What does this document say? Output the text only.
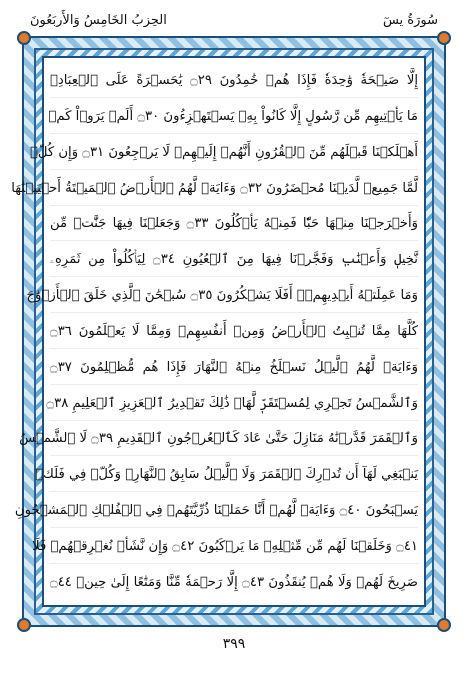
الحِزبُ الخَامِسُ وَالأَربَعُونَ	سُورَةُ يسٓ
إِلَّا صَيۡحَةٗ وَٰحِدَةٗ فَإِذَا هُمۡ خَٰمِدُونَ ۝٢٩ يَٰحَسۡرَةً عَلَى ٱلۡعِبَادِۚ
مَا يَأۡتِيهِم مِّن رَّسُولٍ إِلَّا كَانُواْ بِهِۦ يَسۡتَهۡزِءُونَ ۝٣٠ أَلَمۡ يَرَوۡاْ كَمۡ
أَهۡلَكۡنَا قَبۡلَهُم مِّنَ ٱلۡقُرُونِ أَنَّهُمۡ إِلَيۡهِمۡ لَا يَرۡجِعُونَ ۝٣١ وَإِن كُلّٞ
لَّمَّا جَمِيعٞ لَّدَيۡنَا مُحۡضَرُونَ ۝٣٢ وَءَايَةٞ لَّهُمُ ٱلۡأَرۡضُ ٱلۡمَيۡتَةُ أَحۡيَيۡنَٰهَا
وَأَخۡرَجۡنَا مِنۡهَا حَبّٗا فَمِنۡهُ يَأۡكُلُونَ ۝٣٣ وَجَعَلۡنَا فِيهَا جَنَّٰتٖ مِّن
نَّخِيلٖ وَأَعۡنَٰبٖ وَفَجَّرۡنَا فِيهَا مِنَ ٱلۡعُيُونِ ۝٣٤ لِيَأۡكُلُواْ مِن ثَمَرِهِۦ
وَمَا عَمِلَتۡهُ أَيۡدِيهِمۡۚ أَفَلَا يَشۡكُرُونَ ۝٣٥ سُبۡحَٰنَ ٱلَّذِي خَلَقَ ٱلۡأَزۡوَٰجَ
كُلَّهَا مِمَّا تُنۢبِتُ ٱلۡأَرۡضُ وَمِنۡ أَنفُسِهِمۡ وَمِمَّا لَا يَعۡلَمُونَ ۝٣٦
وَءَايَةٞ لَّهُمُ ٱلَّيۡلُ نَسۡلَخُ مِنۡهُ ٱلنَّهَارَ فَإِذَا هُم مُّظۡلِمُونَ ۝٣٧
وَٱلشَّمۡسُ تَجۡرِي لِمُسۡتَقَرّٖ لَّهَاۚ ذَٰلِكَ تَقۡدِيرُ ٱلۡعَزِيزِ ٱلۡعَلِيمِ ۝٣٨
وَٱلۡقَمَرَ قَدَّرۡنَٰهُ مَنَازِلَ حَتَّىٰ عَادَ كَٱلۡعُرۡجُونِ ٱلۡقَدِيمِ ۝٣٩ لَا ٱلشَّمۡسُ
يَنۢبَغِي لَهَآ أَن تُدۡرِكَ ٱلۡقَمَرَ وَلَا ٱلَّيۡلُ سَابِقُ ٱلنَّهَارِۚ وَكُلّٞ فِي فَلَكٖ
يَسۡبَحُونَ ۝٤٠ وَءَايَةٞ لَّهُمۡ أَنَّا حَمَلۡنَا ذُرِّيَّتَهُمۡ فِي ٱلۡفُلۡكِ ٱلۡمَشۡحُونِ
۝٤١ وَخَلَقۡنَا لَهُم مِّن مِّثۡلِهِۦ مَا يَرۡكَبُونَ ۝٤٢ وَإِن نَّشَأۡ نُغۡرِقۡهُمۡ فَلَا
صَرِيخَ لَهُمۡ وَلَا هُمۡ يُنقَذُونَ ۝٤٣ إِلَّا رَحۡمَةٗ مِّنَّا وَمَتَٰعًا إِلَىٰ حِينٖ ۝٤٤
٣٩٩
